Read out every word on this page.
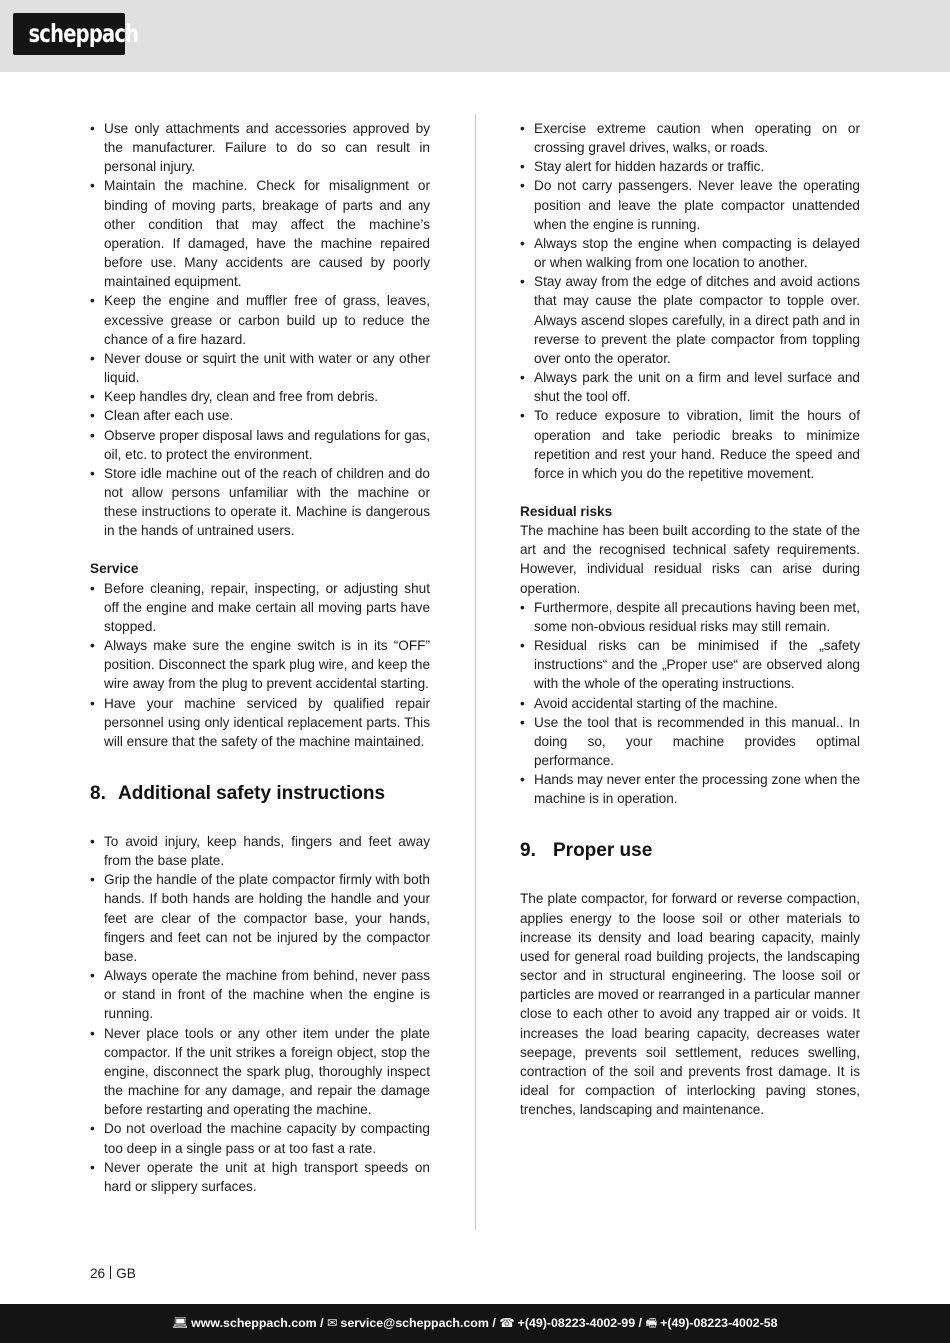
scheppach
• Use only attachments and accessories approved by the manufacturer. Failure to do so can result in personal injury.
• Maintain the machine. Check for misalignment or binding of moving parts, breakage of parts and any other condition that may affect the machine’s operation. If damaged, have the machine repaired before use. Many accidents are caused by poorly maintained equipment.
• Keep the engine and muffler free of grass, leaves, excessive grease or carbon build up to reduce the chance of a fire hazard.
• Never douse or squirt the unit with water or any other liquid.
• Keep handles dry, clean and free from debris.
• Clean after each use.
• Observe proper disposal laws and regulations for gas, oil, etc. to protect the environment.
• Store idle machine out of the reach of children and do not allow persons unfamiliar with the machine or these instructions to operate it. Machine is dangerous in the hands of untrained users.
Service
• Before cleaning, repair, inspecting, or adjusting shut off the engine and make certain all moving parts have stopped.
• Always make sure the engine switch is in its “OFF” position. Disconnect the spark plug wire, and keep the wire away from the plug to prevent accidental starting.
• Have your machine serviced by qualified repair personnel using only identical replacement parts. This will ensure that the safety of the machine maintained.
8. Additional safety instructions
• To avoid injury, keep hands, fingers and feet away from the base plate.
• Grip the handle of the plate compactor firmly with both hands. If both hands are holding the handle and your feet are clear of the compactor base, your hands, fingers and feet can not be injured by the compactor base.
• Always operate the machine from behind, never pass or stand in front of the machine when the engine is running.
• Never place tools or any other item under the plate compactor. If the unit strikes a foreign object, stop the engine, disconnect the spark plug, thoroughly inspect the machine for any damage, and repair the damage before restarting and operating the machine.
• Do not overload the machine capacity by compacting too deep in a single pass or at too fast a rate.
• Never operate the unit at high transport speeds on hard or slippery surfaces.
• Exercise extreme caution when operating on or crossing gravel drives, walks, or roads.
• Stay alert for hidden hazards or traffic.
• Do not carry passengers. Never leave the operating position and leave the plate compactor unattended when the engine is running.
• Always stop the engine when compacting is delayed or when walking from one location to another.
• Stay away from the edge of ditches and avoid actions that may cause the plate compactor to topple over. Always ascend slopes carefully, in a direct path and in reverse to prevent the plate compactor from toppling over onto the operator.
• Always park the unit on a firm and level surface and shut the tool off.
• To reduce exposure to vibration, limit the hours of operation and take periodic breaks to minimize repetition and rest your hand. Reduce the speed and force in which you do the repetitive movement.
Residual risks

The machine has been built according to the state of the art and the recognised technical safety requirements. However, individual residual risks can arise during operation.

• Furthermore, despite all precautions having been met, some non-obvious residual risks may still remain.
• Residual risks can be minimised if the „safety instructions“ and the „Proper use“ are observed along with the whole of the operating instructions.
• Avoid accidental starting of the machine.
• Use the tool that is recommended in this manual.. In doing so, your machine provides optimal performance.
• Hands may never enter the processing zone when the machine is in operation.
9. Proper use

The plate compactor, for forward or reverse compaction, applies energy to the loose soil or other materials to increase its density and load bearing capacity, mainly used for general road building projects, the landscaping sector and in structural engineering. The loose soil or particles are moved or rearranged in a particular manner close to each other to avoid any trapped air or voids. It increases the load bearing capacity, decreases water seepage, prevents soil settlement, reduces swelling, contraction of the soil and prevents frost damage. It is ideal for compaction of interlocking paving stones, trenches, landscaping and maintenance.

26 GB
💻︎ www.scheppach.com / ✉︎ service@scheppach.com / ☎︎ +(49)-08223-4002-99 / 🖷︎ +(49)-08223-4002-58
